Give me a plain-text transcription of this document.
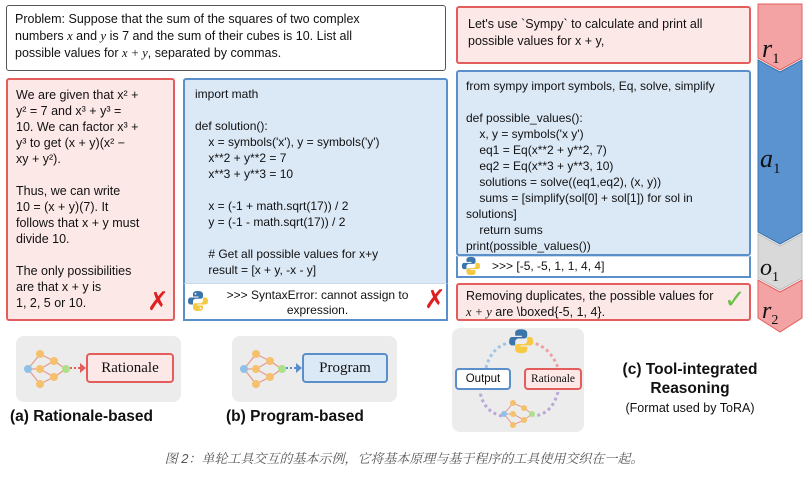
Problem: Suppose that the sum of the squares of two complex
numbers x and y is 7 and the sum of their cubes is 10. List all
possible values for x + y, separated by commas.

We are given that x² +
y² = 7 and x³ + y³ =
10. We can factor x³ +
y³ to get (x + y)(x² −
xy + y²).

Thus, we can write
10 = (x + y)(7). It
follows that x + y must
divide 10.

The only possibilities
are that x + y is
1, 2, 5 or 10.	✗
import math

def solution():
x = symbols('x'), y = symbols('y')
x**2 + y**2 = 7
x**3 + y**3 = 10

x = (-1 + math.sqrt(17)) / 2
y = (-1 - math.sqrt(17)) / 2

# Get all possible values for x+y
result = [x + y, -x - y]
>>> SyntaxError: cannot assign to
expression.	✗
Let's use `Sympy` to calculate and print all
possible values for x + y,
from sympy import symbols, Eq, solve, simplify

def possible_values():
x, y = symbols('x y')
eq1 = Eq(x**2 + y**2, 7)
eq2 = Eq(x**3 + y**3, 10)
solutions = solve((eq1,eq2), (x, y))
sums = [simplify(sol[0] + sol[1]) for sol in
solutions]
return sums
print(possible_values())
>>> [-5, -5, 1, 1, 4, 4]
Removing duplicates, the possible values for
x + y are \boxed{-5, 1, 4}.	✓
$r_1$
$a_1$
$o_1$
$r_2$
Rationale
(a) Rationale-based
Program
(b) Program-based
Output	Rationale
(c) Tool-integrated
Reasoning
(Format used by ToRA)
图 2：单轮工具交互的基本示例，它将基本原理与基于程序的工具使用交织在一起。
